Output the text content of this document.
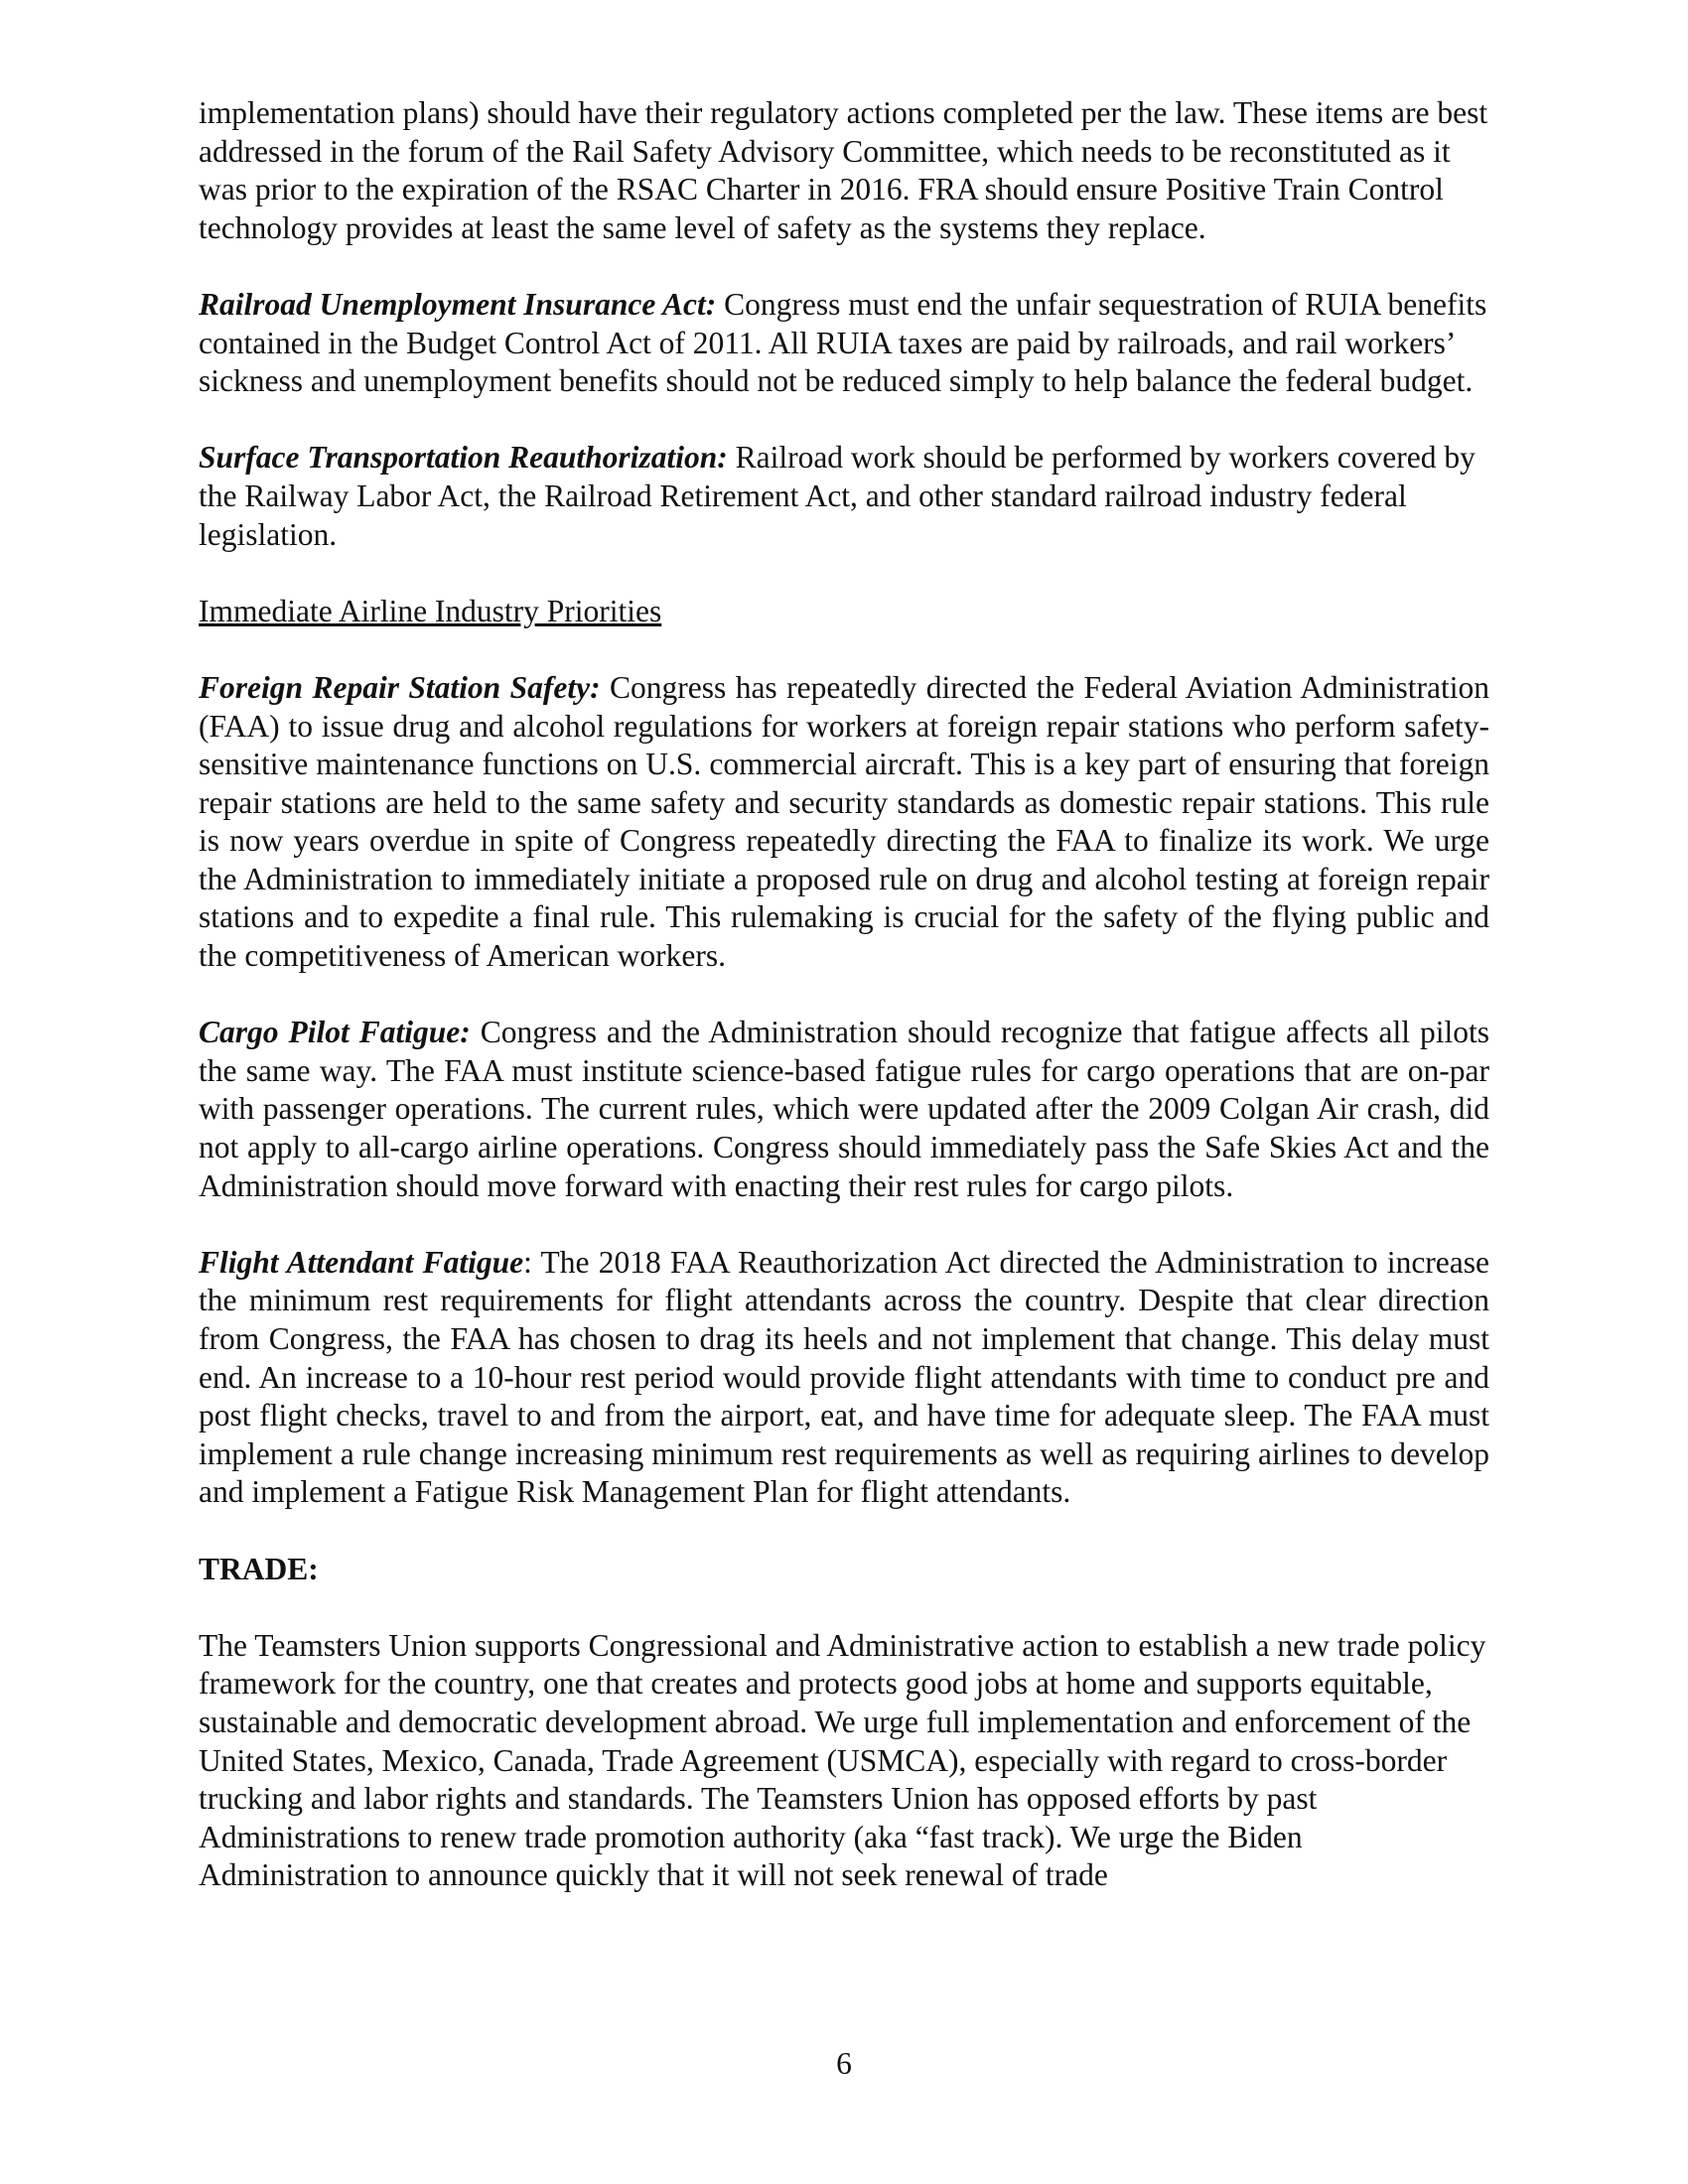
implementation plans) should have their regulatory actions completed per the law. These items are best addressed in the forum of the Rail Safety Advisory Committee, which needs to be reconstituted as it was prior to the expiration of the RSAC Charter in 2016. FRA should ensure Positive Train Control technology provides at least the same level of safety as the systems they replace.

Railroad Unemployment Insurance Act: Congress must end the unfair sequestration of RUIA benefits contained in the Budget Control Act of 2011. All RUIA taxes are paid by railroads, and rail workers’ sickness and unemployment benefits should not be reduced simply to help balance the federal budget.

Surface Transportation Reauthorization: Railroad work should be performed by workers covered by the Railway Labor Act, the Railroad Retirement Act, and other standard railroad industry federal legislation.

Immediate Airline Industry Priorities

Foreign Repair Station Safety: Congress has repeatedly directed the Federal Aviation Administration (FAA) to issue drug and alcohol regulations for workers at foreign repair stations who perform safety-sensitive maintenance functions on U.S. commercial aircraft. This is a key part of ensuring that foreign repair stations are held to the same safety and security standards as domestic repair stations. This rule is now years overdue in spite of Congress repeatedly directing the FAA to finalize its work. We urge the Administration to immediately initiate a proposed rule on drug and alcohol testing at foreign repair stations and to expedite a final rule. This rulemaking is crucial for the safety of the flying public and the competitiveness of American workers.

Cargo Pilot Fatigue: Congress and the Administration should recognize that fatigue affects all pilots the same way. The FAA must institute science-based fatigue rules for cargo operations that are on-par with passenger operations. The current rules, which were updated after the 2009 Colgan Air crash, did not apply to all-cargo airline operations. Congress should immediately pass the Safe Skies Act and the Administration should move forward with enacting their rest rules for cargo pilots.

Flight Attendant Fatigue: The 2018 FAA Reauthorization Act directed the Administration to increase the minimum rest requirements for flight attendants across the country. Despite that clear direction from Congress, the FAA has chosen to drag its heels and not implement that change. This delay must end. An increase to a 10-hour rest period would provide flight attendants with time to conduct pre and post flight checks, travel to and from the airport, eat, and have time for adequate sleep. The FAA must implement a rule change increasing minimum rest requirements as well as requiring airlines to develop and implement a Fatigue Risk Management Plan for flight attendants.

TRADE:

The Teamsters Union supports Congressional and Administrative action to establish a new trade policy framework for the country, one that creates and protects good jobs at home and supports equitable, sustainable and democratic development abroad. We urge full implementation and enforcement of the United States, Mexico, Canada, Trade Agreement (USMCA), especially with regard to cross-border trucking and labor rights and standards. The Teamsters Union has opposed efforts by past Administrations to renew trade promotion authority (aka “fast track). We urge the Biden Administration to announce quickly that it will not seek renewal of trade

6
